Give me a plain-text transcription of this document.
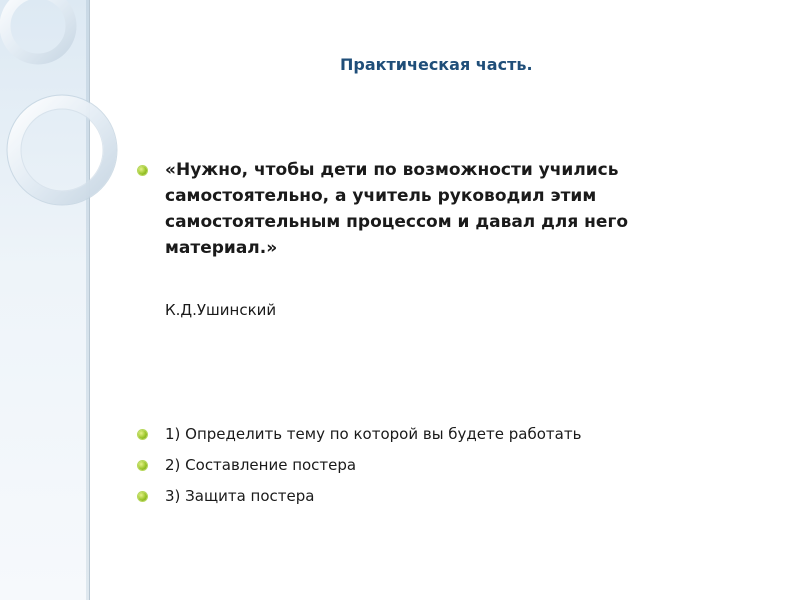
Практическая часть.
«Нужно, чтобы дети по возможности учились самостоятельно, а учитель руководил этим самостоятельным процессом и давал для него материал.»
К.Д.Ушинский
1) Определить тему по которой вы будете работать
2) Составление постера
3) Защита постера
